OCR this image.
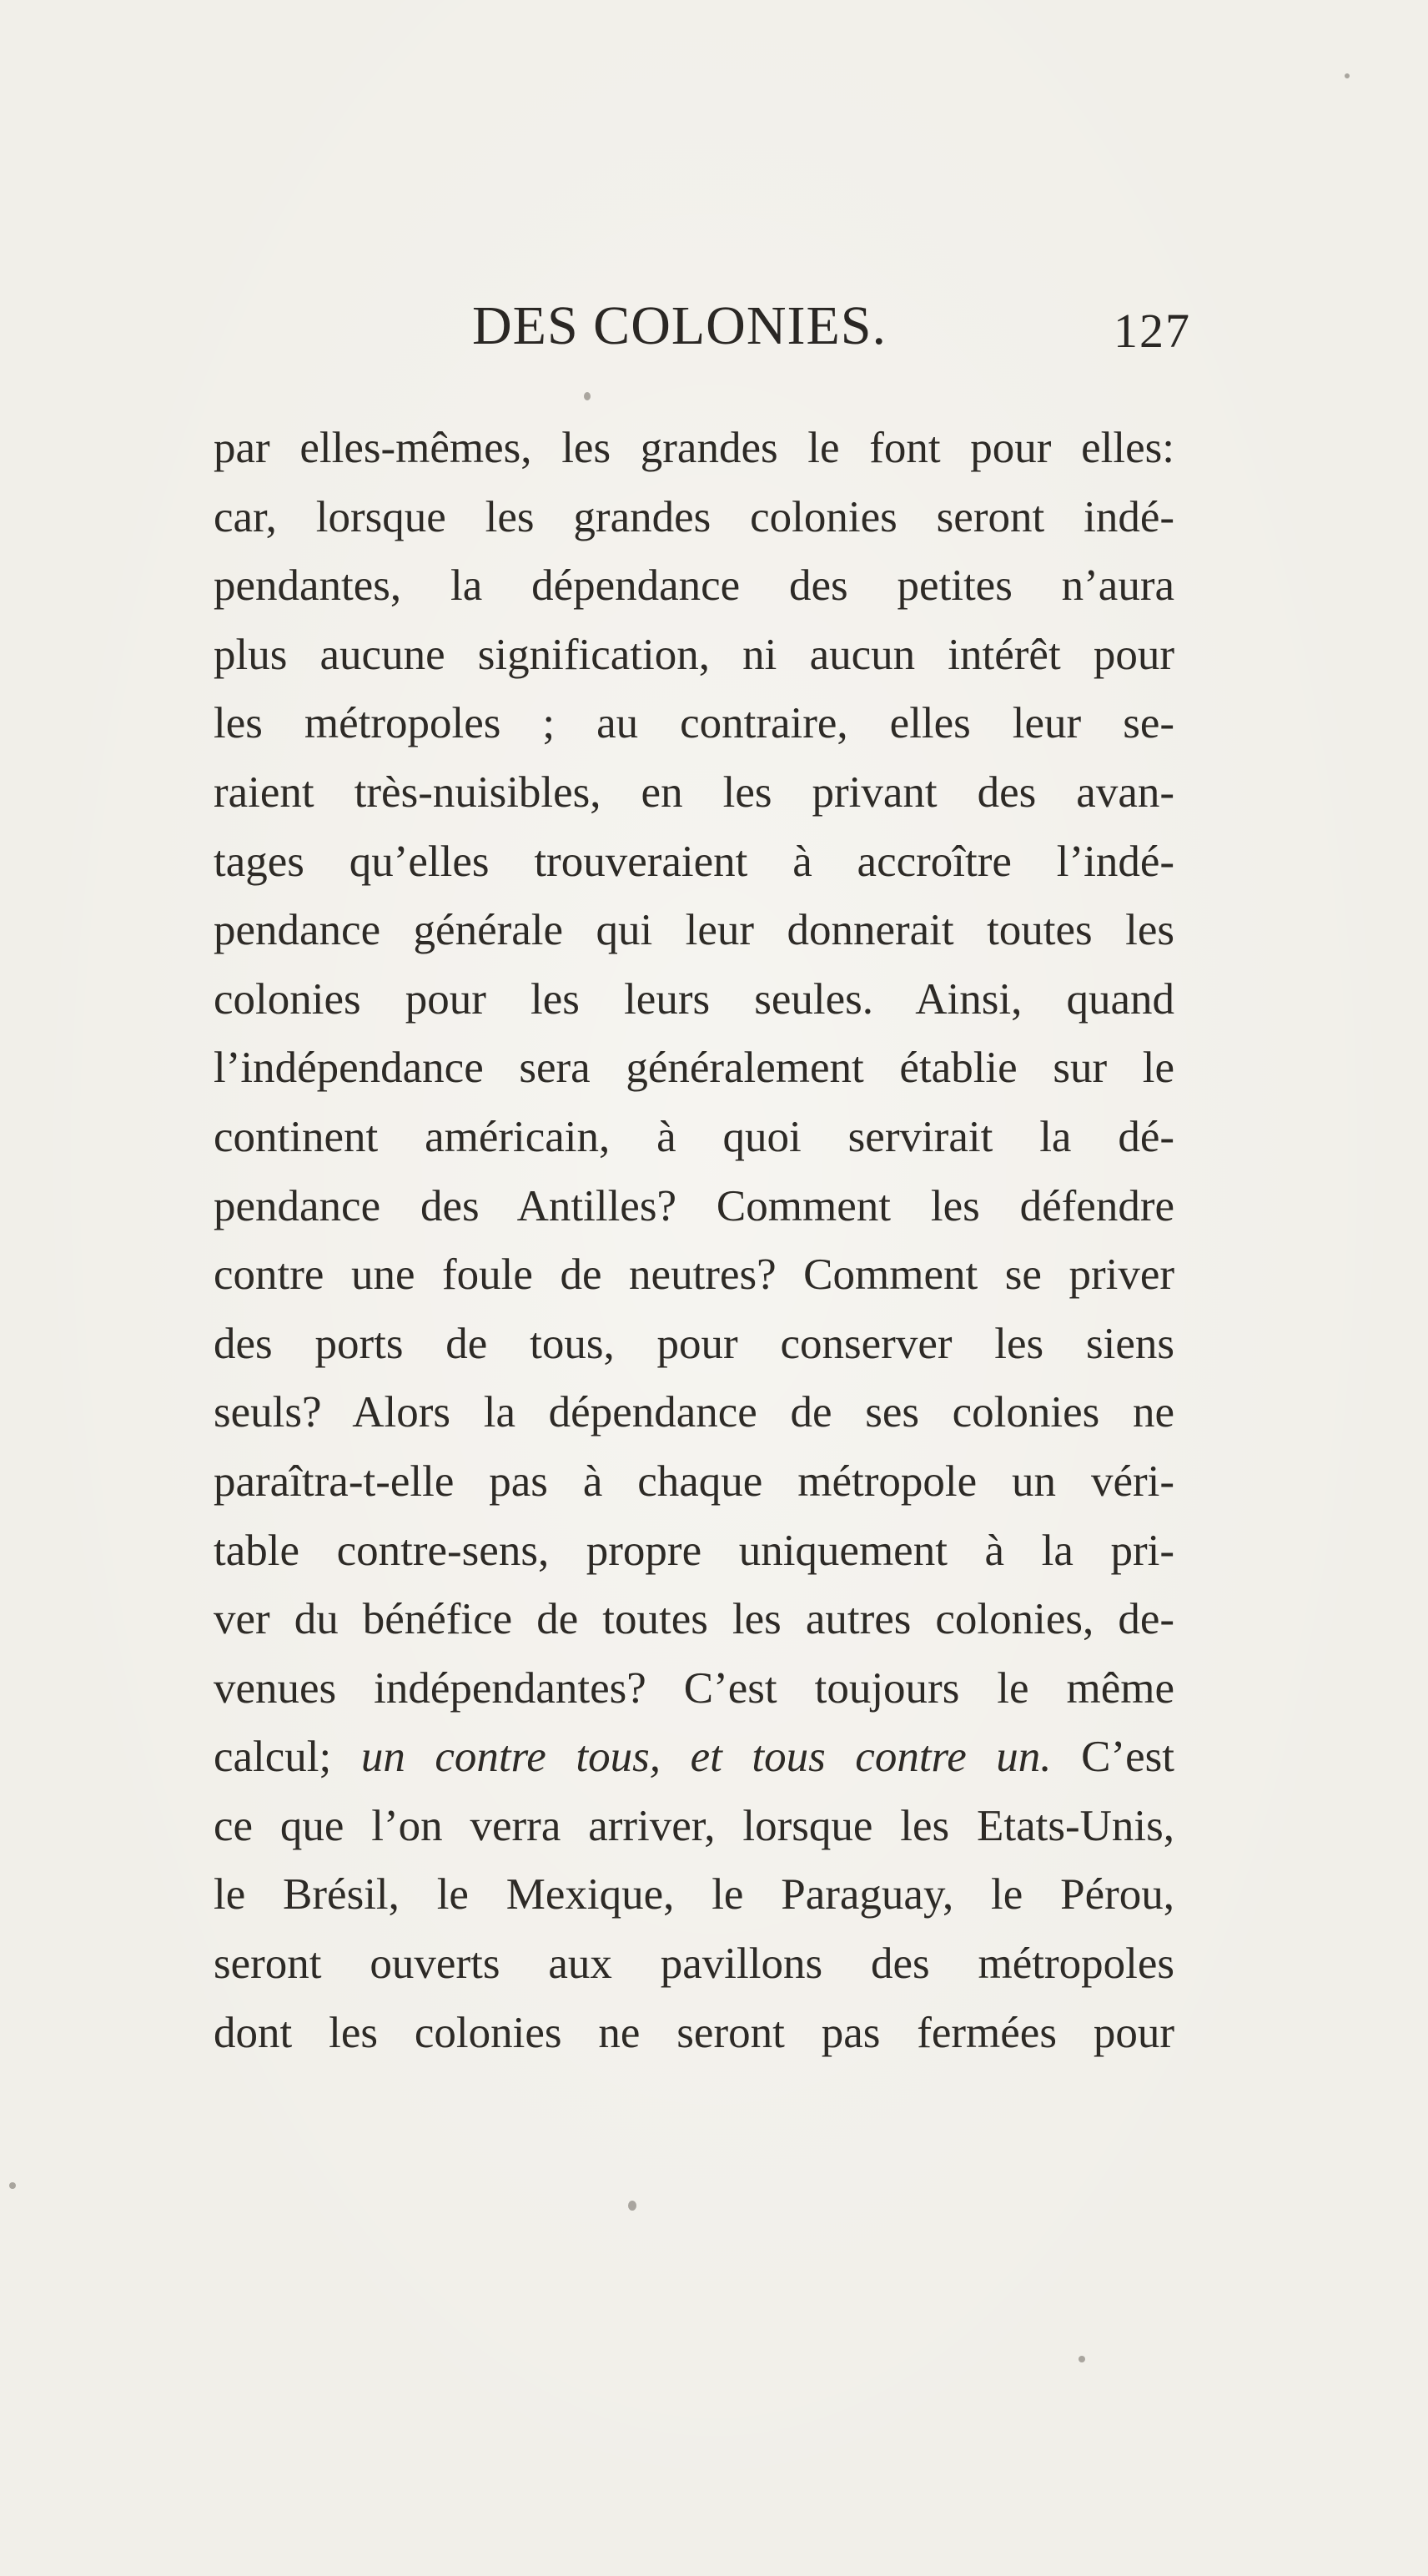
DES COLONIES.	127
par elles-mêmes, les grandes le font pour elles:
car, lorsque les grandes colonies seront indé-
pendantes, la dépendance des petites n’aura
plus aucune signification, ni aucun intérêt pour
les métropoles ; au contraire, elles leur se-
raient très-nuisibles, en les privant des avan-
tages qu’elles trouveraient à accroître l’indé-
pendance générale qui leur donnerait toutes les
colonies pour les leurs seules. Ainsi, quand
l’indépendance sera généralement établie sur le
continent américain, à quoi servirait la dé-
pendance des Antilles? Comment les défendre
contre une foule de neutres? Comment se priver
des ports de tous, pour conserver les siens
seuls? Alors la dépendance de ses colonies ne
paraîtra-t-elle pas à chaque métropole un véri-
table contre-sens, propre uniquement à la pri-
ver du bénéfice de toutes les autres colonies, de-
venues indépendantes? C’est toujours le même
calcul; un contre tous, et tous contre un. C’est
ce que l’on verra arriver, lorsque les Etats-Unis,
le Brésil, le Mexique, le Paraguay, le Pérou,
seront ouverts aux pavillons des métropoles
dont les colonies ne seront pas fermées pour
